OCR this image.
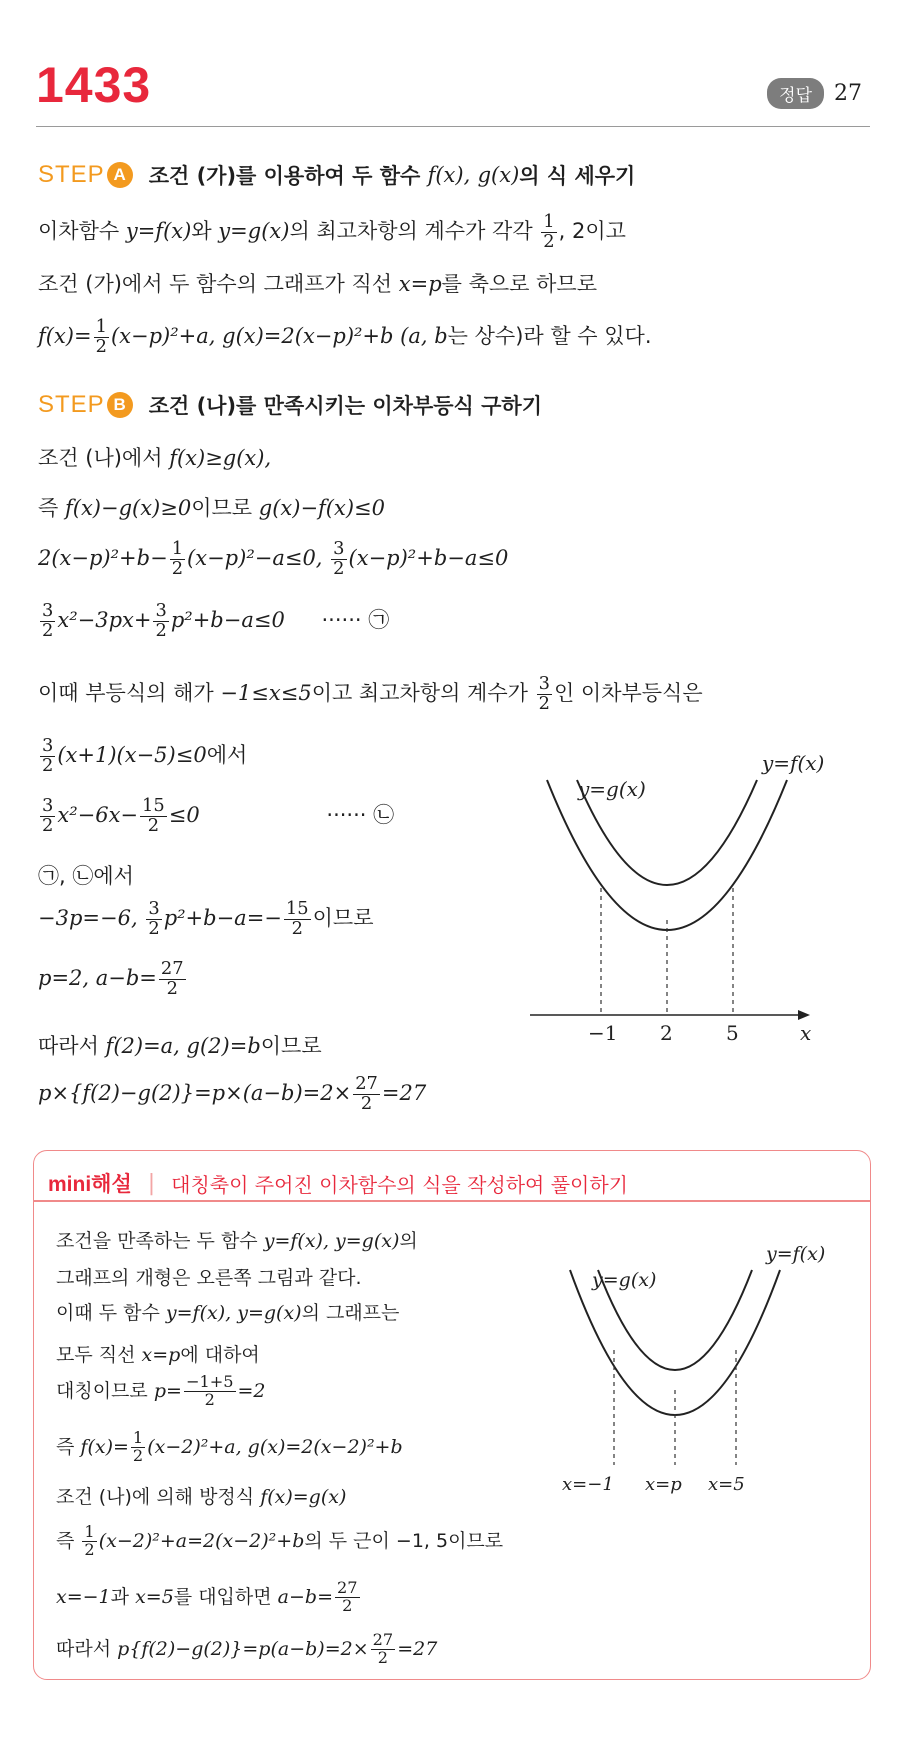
1433	정답	27
STEP A	조건 (가)를 이용하여 두 함수
f(x),
g(x) 의 식 세우기
이차함수 y=f(x)와 y=g(x)의 최고차항의 계수가 각각 $\frac{1}{2}$ , 2이고
조건 (가)에서 두 함수의 그래프가 직선 x=p를 축으로 하므로
$f(x)= \frac{1}{2} (x-p)^2+a$, g(x)=2(x−p)²+b (a, b는 상수)라 할 수 있다.
STEP B	조건 (나)를 만족시키는 이차부등식 구하기
조건 (나)에서 f(x)≥g(x),
즉 f(x)−g(x)≥0이므로 g(x)−f(x)≤0
$2(x-p)^2+b- \frac{1}{2} (x-p)^2-a\le 0$, $\frac{3}{2} (x-p)^2+b-a\le 0$
$\frac{3}{2} x^2-3px+ \frac{3}{2} p^2+b-a\le 0$ ······ ㉠
이때 부등식의 해가 −1≤x≤5이고 최고차항의 계수가 $\frac{3}{2}$ 인 이차부등식은
$\frac{3}{2} (x+1)(x-5)\le 0$에서
$\frac{3}{2} x^2-6x- \frac{15}{2} \le 0$	······ ㉡
㉠, ㉡에서
−3p=−6, $\frac{3}{2} p^2+b-a=- \frac{15}{2}$ 이므로
p=2, $a-b= \frac{27}{2}$
따라서 f(2)=a, g(2)=b이므로
$p\times\{f(2)-g(2)\}=p\times(a-b)=2\times \frac{27}{2} =27$
y=f(x)
y=g(x)
−1 2	5	x
mini해설 | 대칭축이 주어진 이차함수의 식을 작성하여 풀이하기
조건을 만족하는 두 함수 y=f(x), y=g(x)의
그래프의 개형은 오른쪽 그림과 같다.
이때 두 함수 y=f(x), y=g(x)의 그래프는
모두 직선 x=p에 대하여
대칭이므로 $p= \frac{-1+5}{2} =2$
즉 $f(x)= \frac{1}{2} (x-2)^2+a$, g(x)=2(x−2)²+b
조건 (나)에 의해 방정식 f(x)=g(x)
즉 $\frac{1}{2} (x-2)^2+a=2(x-2)^2+b$의 두 근이 −1, 5이므로
x=−1과 x=5를 대입하면 $a-b= \frac{27}{2}$
따라서 $p\{f(2)-g(2)\}=p(a-b)=2\times \frac{27}{2} =27$
y=f(x)
y=g(x)
x=−1 x=p x=5
